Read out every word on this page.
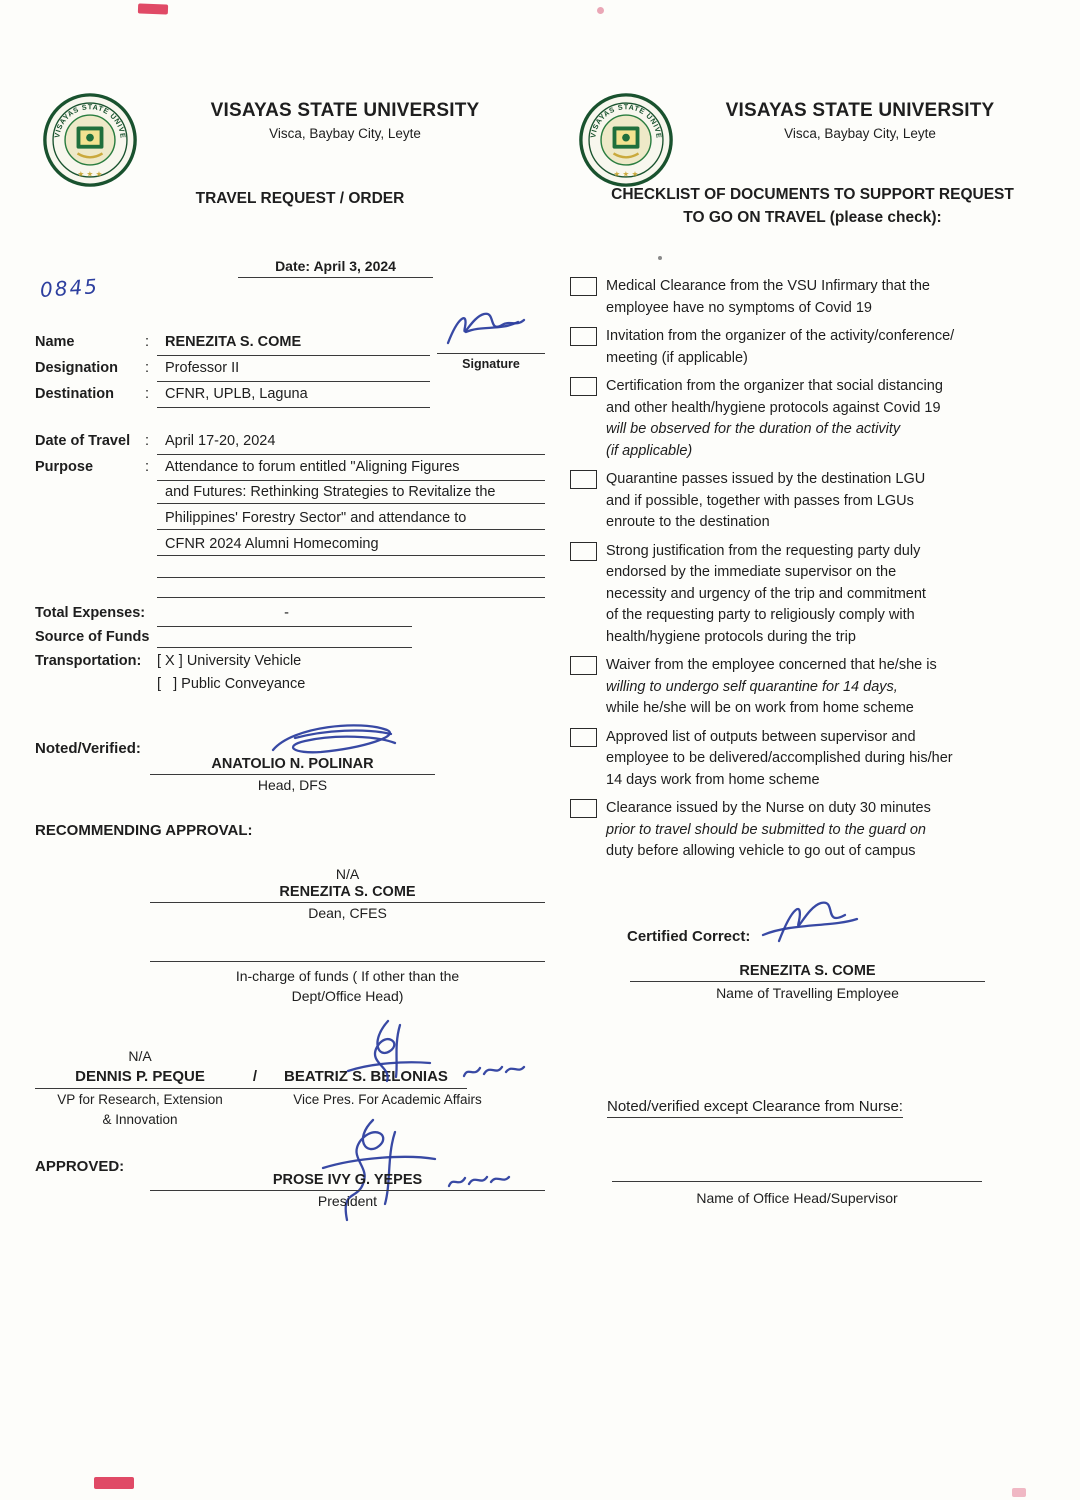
VISAYAS STATE UNIVERSITY
Visca, Baybay City, Leyte
TRAVEL REQUEST / ORDER
Date: April 3, 2024
0845
Name	:	RENEZITA S. COME
Signature
Designation	:	Professor II
Destination	:	CFNR, UPLB, Laguna
Date of Travel	:	April 17-20, 2024
Purpose	:	Attendance to forum entitled "Aligning Figures
and Futures: Rethinking Strategies to Revitalize the
Philippines' Forestry Sector" and attendance to
CFNR 2024 Alumni Homecoming
Total Expenses:	-
Source of Funds
Transportation:	[ X ] University Vehicle
[   ] Public Conveyance
Noted/Verified:
ANATOLIO N. POLINAR
Head, DFS
RECOMMENDING APPROVAL:
N/A
RENEZITA S. COME
Dean, CFES
In-charge of funds ( If other than the
Dept/Office Head)
N/A
DENNIS P. PEQUE	/	BEATRIZ S. BELONIAS
VP for Research, Extension
& Innovation
Vice Pres. For Academic Affairs
APPROVED:
PROSE IVY G. YEPES
President
VISAYAS STATE UNIVERSITY
Visca, Baybay City, Leyte
CHECKLIST OF DOCUMENTS TO SUPPORT REQUEST
TO GO ON TRAVEL (please check):
Medical Clearance from the VSU Infirmary that the
employee have no symptoms of Covid 19
Invitation from the organizer of the activity/conference/
meeting (if applicable)
Certification from the organizer that social distancing
and other health/hygiene protocols against Covid 19
will be observed for the duration of the activity
(if applicable)
Quarantine passes issued by the destination LGU
and if possible, together with passes from LGUs
enroute to the destination
Strong justification from the requesting party duly
endorsed by the immediate supervisor on the
necessity and urgency of the trip and commitment
of the requesting party to religiously comply with
health/hygiene protocols during the trip
Waiver from the employee concerned that he/she is
willing to undergo self quarantine for 14 days,
while he/she will be on work from home scheme
Approved list of outputs between supervisor and
employee to be delivered/accomplished during his/her
14 days work from home scheme
Clearance issued by the Nurse on duty 30 minutes
prior to travel should be submitted to the guard on
duty before allowing vehicle to go out of campus
Certified Correct:
RENEZITA S. COME
Name of Travelling Employee
Noted/verified except Clearance from Nurse:
Name of Office Head/Supervisor
